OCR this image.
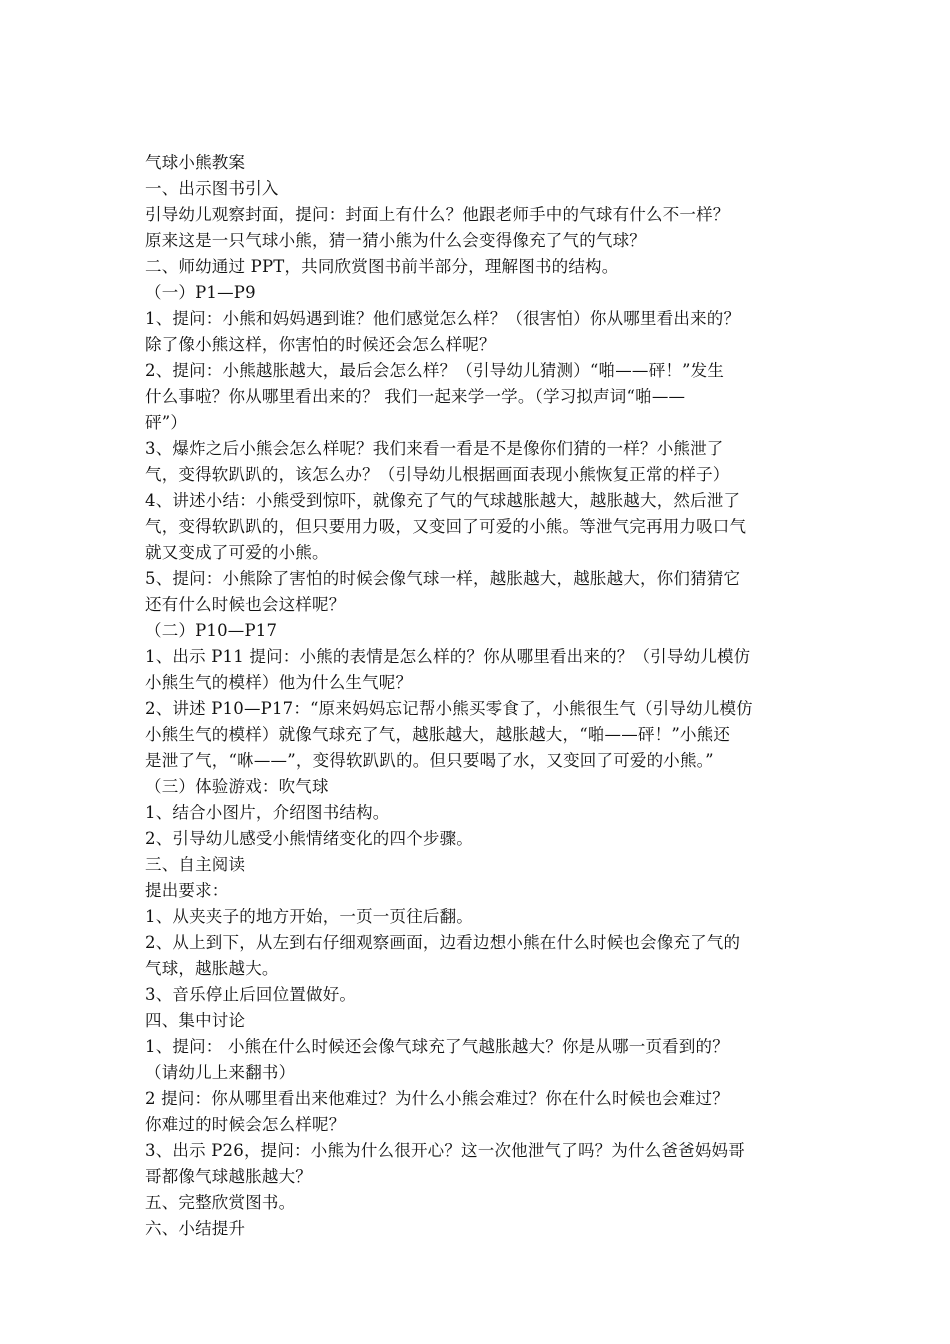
气球小熊教案
一、出示图书引入
引导幼儿观察封面，提问：封面上有什么？他跟老师手中的气球有什么不一样？
原来这是一只气球小熊，猜一猜小熊为什么会变得像充了气的气球？
二、师幼通过 PPT，共同欣赏图书前半部分，理解图书的结构。
（一）P1—P9
1、提问：小熊和妈妈遇到谁？他们感觉怎么样？（很害怕）你从哪里看出来的？
除了像小熊这样，你害怕的时候还会怎么样呢？
2、提问：小熊越胀越大，最后会怎么样？（引导幼儿猜测）“啪——砰！”发生
什么事啦？你从哪里看出来的？ 我们一起来学一学。（学习拟声词“啪——
砰”）
3、爆炸之后小熊会怎么样呢？我们来看一看是不是像你们猜的一样？小熊泄了
气，变得软趴趴的，该怎么办？（引导幼儿根据画面表现小熊恢复正常的样子）
4、讲述小结：小熊受到惊吓，就像充了气的气球越胀越大，越胀越大，然后泄了
气，变得软趴趴的，但只要用力吸，又变回了可爱的小熊。等泄气完再用力吸口气
就又变成了可爱的小熊。
5、提问：小熊除了害怕的时候会像气球一样，越胀越大，越胀越大，你们猜猜它
还有什么时候也会这样呢？
（二）P10—P17
1、出示 P11 提问：小熊的表情是怎么样的？你从哪里看出来的？（引导幼儿模仿
小熊生气的模样）他为什么生气呢？
2、讲述 P10—P17：“原来妈妈忘记帮小熊买零食了，小熊很生气（引导幼儿模仿
小熊生气的模样）就像气球充了气，越胀越大，越胀越大，“啪——砰！”小熊还
是泄了气，“咻——”，变得软趴趴的。但只要喝了水，又变回了可爱的小熊。”
（三）体验游戏：吹气球
1、结合小图片，介绍图书结构。
2、引导幼儿感受小熊情绪变化的四个步骤。
三、自主阅读
提出要求：
1、从夹夹子的地方开始，一页一页往后翻。
2、从上到下，从左到右仔细观察画面，边看边想小熊在什么时候也会像充了气的
气球，越胀越大。
3、音乐停止后回位置做好。
四、集中讨论
1、提问： 小熊在什么时候还会像气球充了气越胀越大？你是从哪一页看到的？
（请幼儿上来翻书）
2 提问：你从哪里看出来他难过？为什么小熊会难过？你在什么时候也会难过？
你难过的时候会怎么样呢？
3、出示 P26，提问：小熊为什么很开心？这一次他泄气了吗？为什么爸爸妈妈哥
哥都像气球越胀越大？
五、完整欣赏图书。
六、小结提升
